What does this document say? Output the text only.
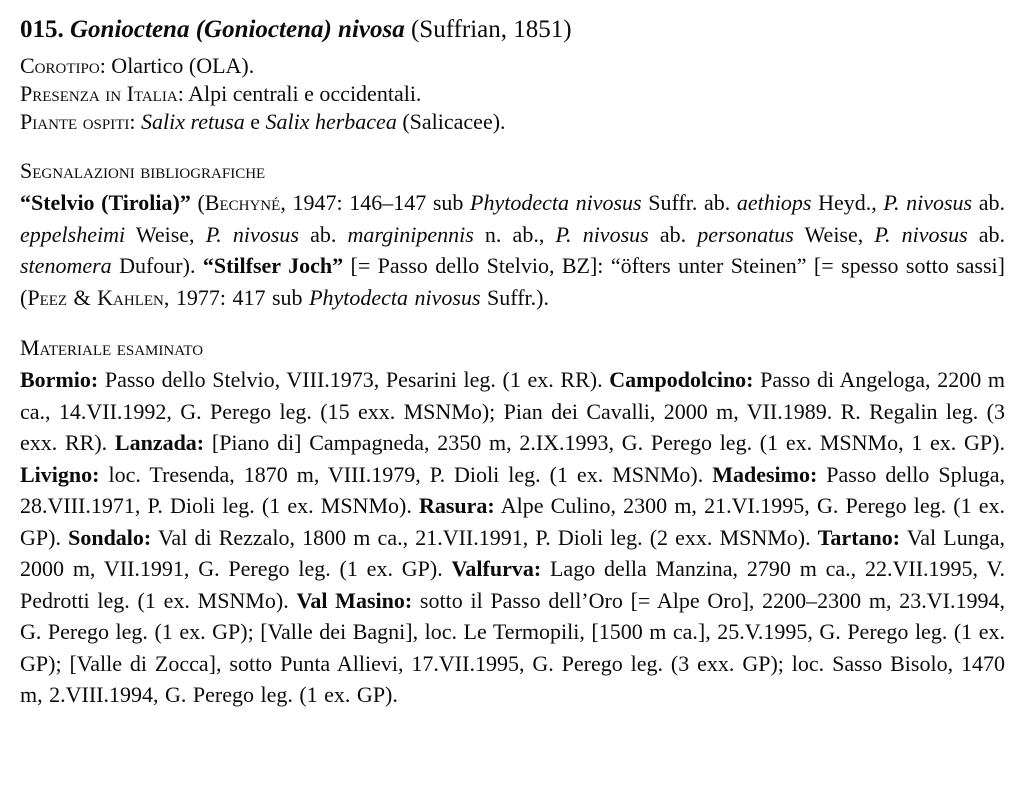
015. Gonioctena (Gonioctena) nivosa (Suffrian, 1851)

Corotipo: Olartico (OLA).

Presenza in Italia: Alpi centrali e occidentali.

Piante ospiti: Salix retusa e Salix herbacea (Salicacee).

Segnalazioni bibliografiche

“Stelvio (Tirolia)” (Bechyné, 1947: 146–147 sub Phytodecta nivosus Suffr. ab. aethiops Heyd., P. nivosus ab. eppelsheimi Weise, P. nivosus ab. marginipennis n. ab., P. nivosus ab. personatus Weise, P. nivosus ab. stenomera Dufour). “Stilfser Joch” [= Passo dello Stelvio, BZ]: “öfters unter Steinen” [= spesso sotto sassi] (Peez & Kahlen, 1977: 417 sub Phytodecta nivosus Suffr.).

Materiale esaminato

Bormio: Passo dello Stelvio, VIII.1973, Pesarini leg. (1 ex. RR). Campodolcino: Passo di Angeloga, 2200 m ca., 14.VII.1992, G. Perego leg. (15 exx. MSNMo); Pian dei Cavalli, 2000 m, VII.1989. R. Regalin leg. (3 exx. RR). Lanzada: [Piano di] Campagneda, 2350 m, 2.IX.1993, G. Perego leg. (1 ex. MSNMo, 1 ex. GP). Livigno: loc. Tresenda, 1870 m, VIII.1979, P. Dioli leg. (1 ex. MSNMo). Madesimo: Passo dello Spluga, 28.VIII.1971, P. Dioli leg. (1 ex. MSNMo). Rasura: Alpe Culino, 2300 m, 21.VI.1995, G. Perego leg. (1 ex. GP). Sondalo: Val di Rezzalo, 1800 m ca., 21.VII.1991, P. Dioli leg. (2 exx. MSNMo). Tartano: Val Lunga, 2000 m, VII.1991, G. Perego leg. (1 ex. GP). Valfurva: Lago della Manzina, 2790 m ca., 22.VII.1995, V. Pedrotti leg. (1 ex. MSNMo). Val Masino: sotto il Passo dell’Oro [= Alpe Oro], 2200–2300 m, 23.VI.1994, G. Perego leg. (1 ex. GP); [Valle dei Bagni], loc. Le Termopili, [1500 m ca.], 25.V.1995, G. Perego leg. (1 ex. GP); [Valle di Zocca], sotto Punta Allievi, 17.VII.1995, G. Perego leg. (3 exx. GP); loc. Sasso Bisolo, 1470 m, 2.VIII.1994, G. Perego leg. (1 ex. GP).
